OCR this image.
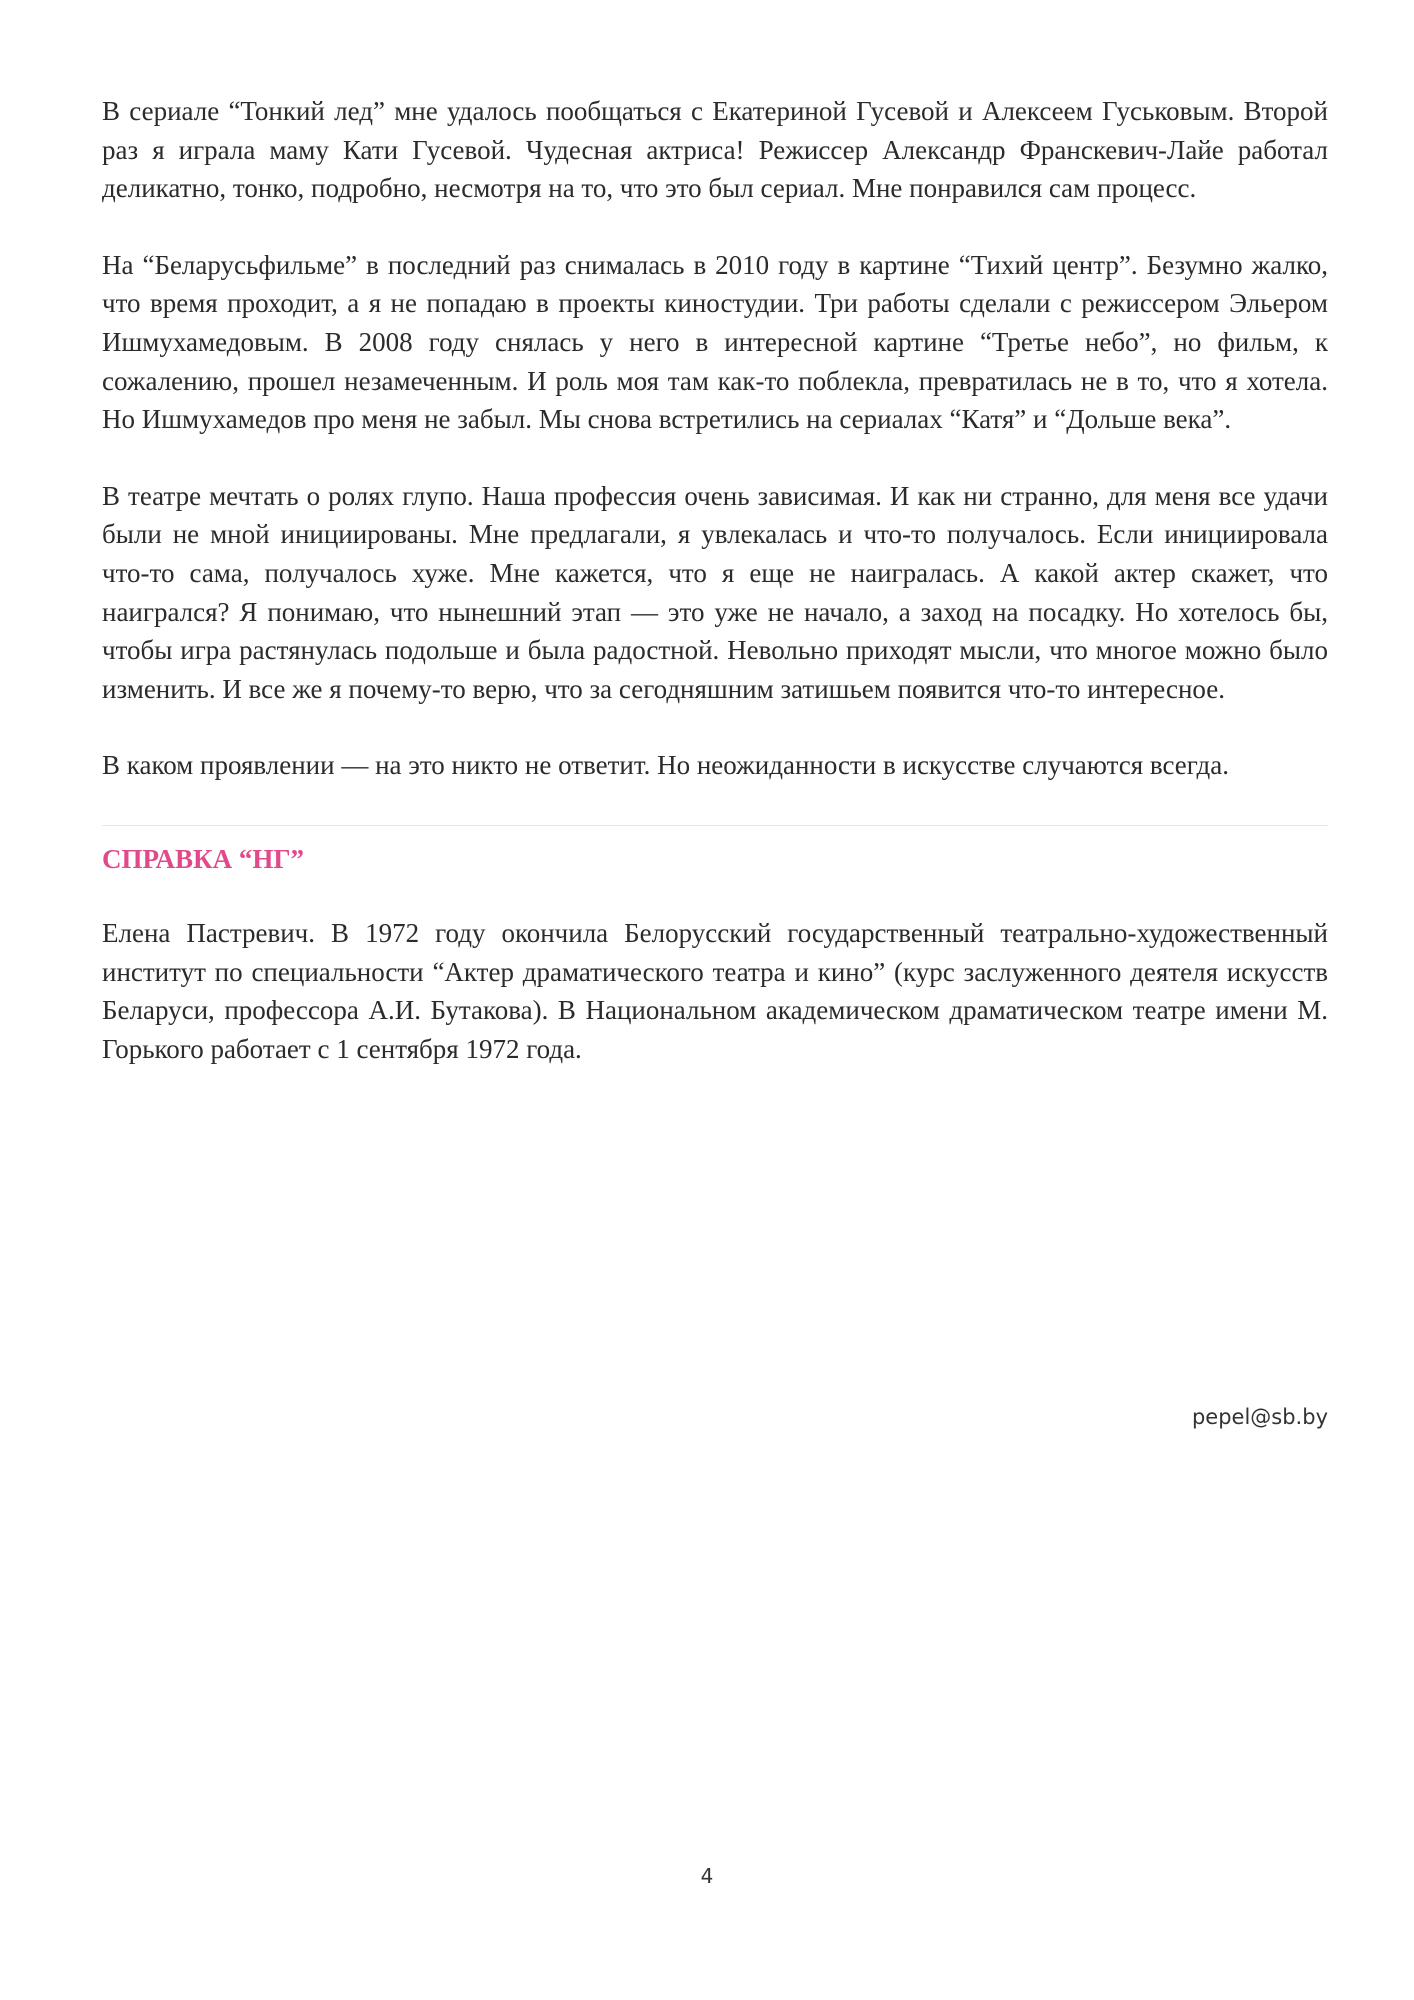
В сериале “Тонкий лед” мне удалось пообщаться с Екатериной Гусевой и Алексеем Гуськовым. Второй раз я играла маму Кати Гусевой. Чудесная актриса! Режиссер Александр Франскевич-Лайе работал деликатно, тонко, подробно, несмотря на то, что это был сериал. Мне понравился сам процесс.

На “Беларусьфильме” в последний раз снималась в 2010 году в картине “Тихий центр”. Безумно жалко, что время проходит, а я не попадаю в проекты киностудии. Три работы сделали с режиссером Эльером Ишмухамедовым. В 2008 году снялась у него в интересной картине “Третье небо”, но фильм, к сожалению, прошел незамеченным. И роль моя там как-то поблекла, превратилась не в то, что я хотела. Но Ишмухамедов про меня не забыл. Мы снова встретились на сериалах “Катя” и “Дольше века”.

В театре мечтать о ролях глупо. Наша профессия очень зависимая. И как ни странно, для меня все удачи были не мной инициированы. Мне предлагали, я увлекалась и что-то получалось. Если инициировала что-то сама, получалось хуже. Мне кажется, что я еще не наигралась. А какой актер скажет, что наигрался? Я понимаю, что нынешний этап — это уже не начало, а заход на посадку. Но хотелось бы, чтобы игра растянулась подольше и была радостной. Невольно приходят мысли, что многое можно было изменить. И все же я почему-то верю, что за сегодняшним затишьем появится что-то интересное.

В каком проявлении — на это никто не ответит. Но неожиданности в искусстве случаются всегда.

СПРАВКА “НГ”

Елена Пастревич. В 1972 году окончила Белорусский государственный театрально-художественный институт по специальности “Актер драматического театра и кино” (курс заслуженного деятеля искусств Беларуси, профессора А.И. Бутакова). В Национальном академическом драматическом театре имени М. Горького работает с 1 сентября 1972 года.

pepel@sb.by
4
